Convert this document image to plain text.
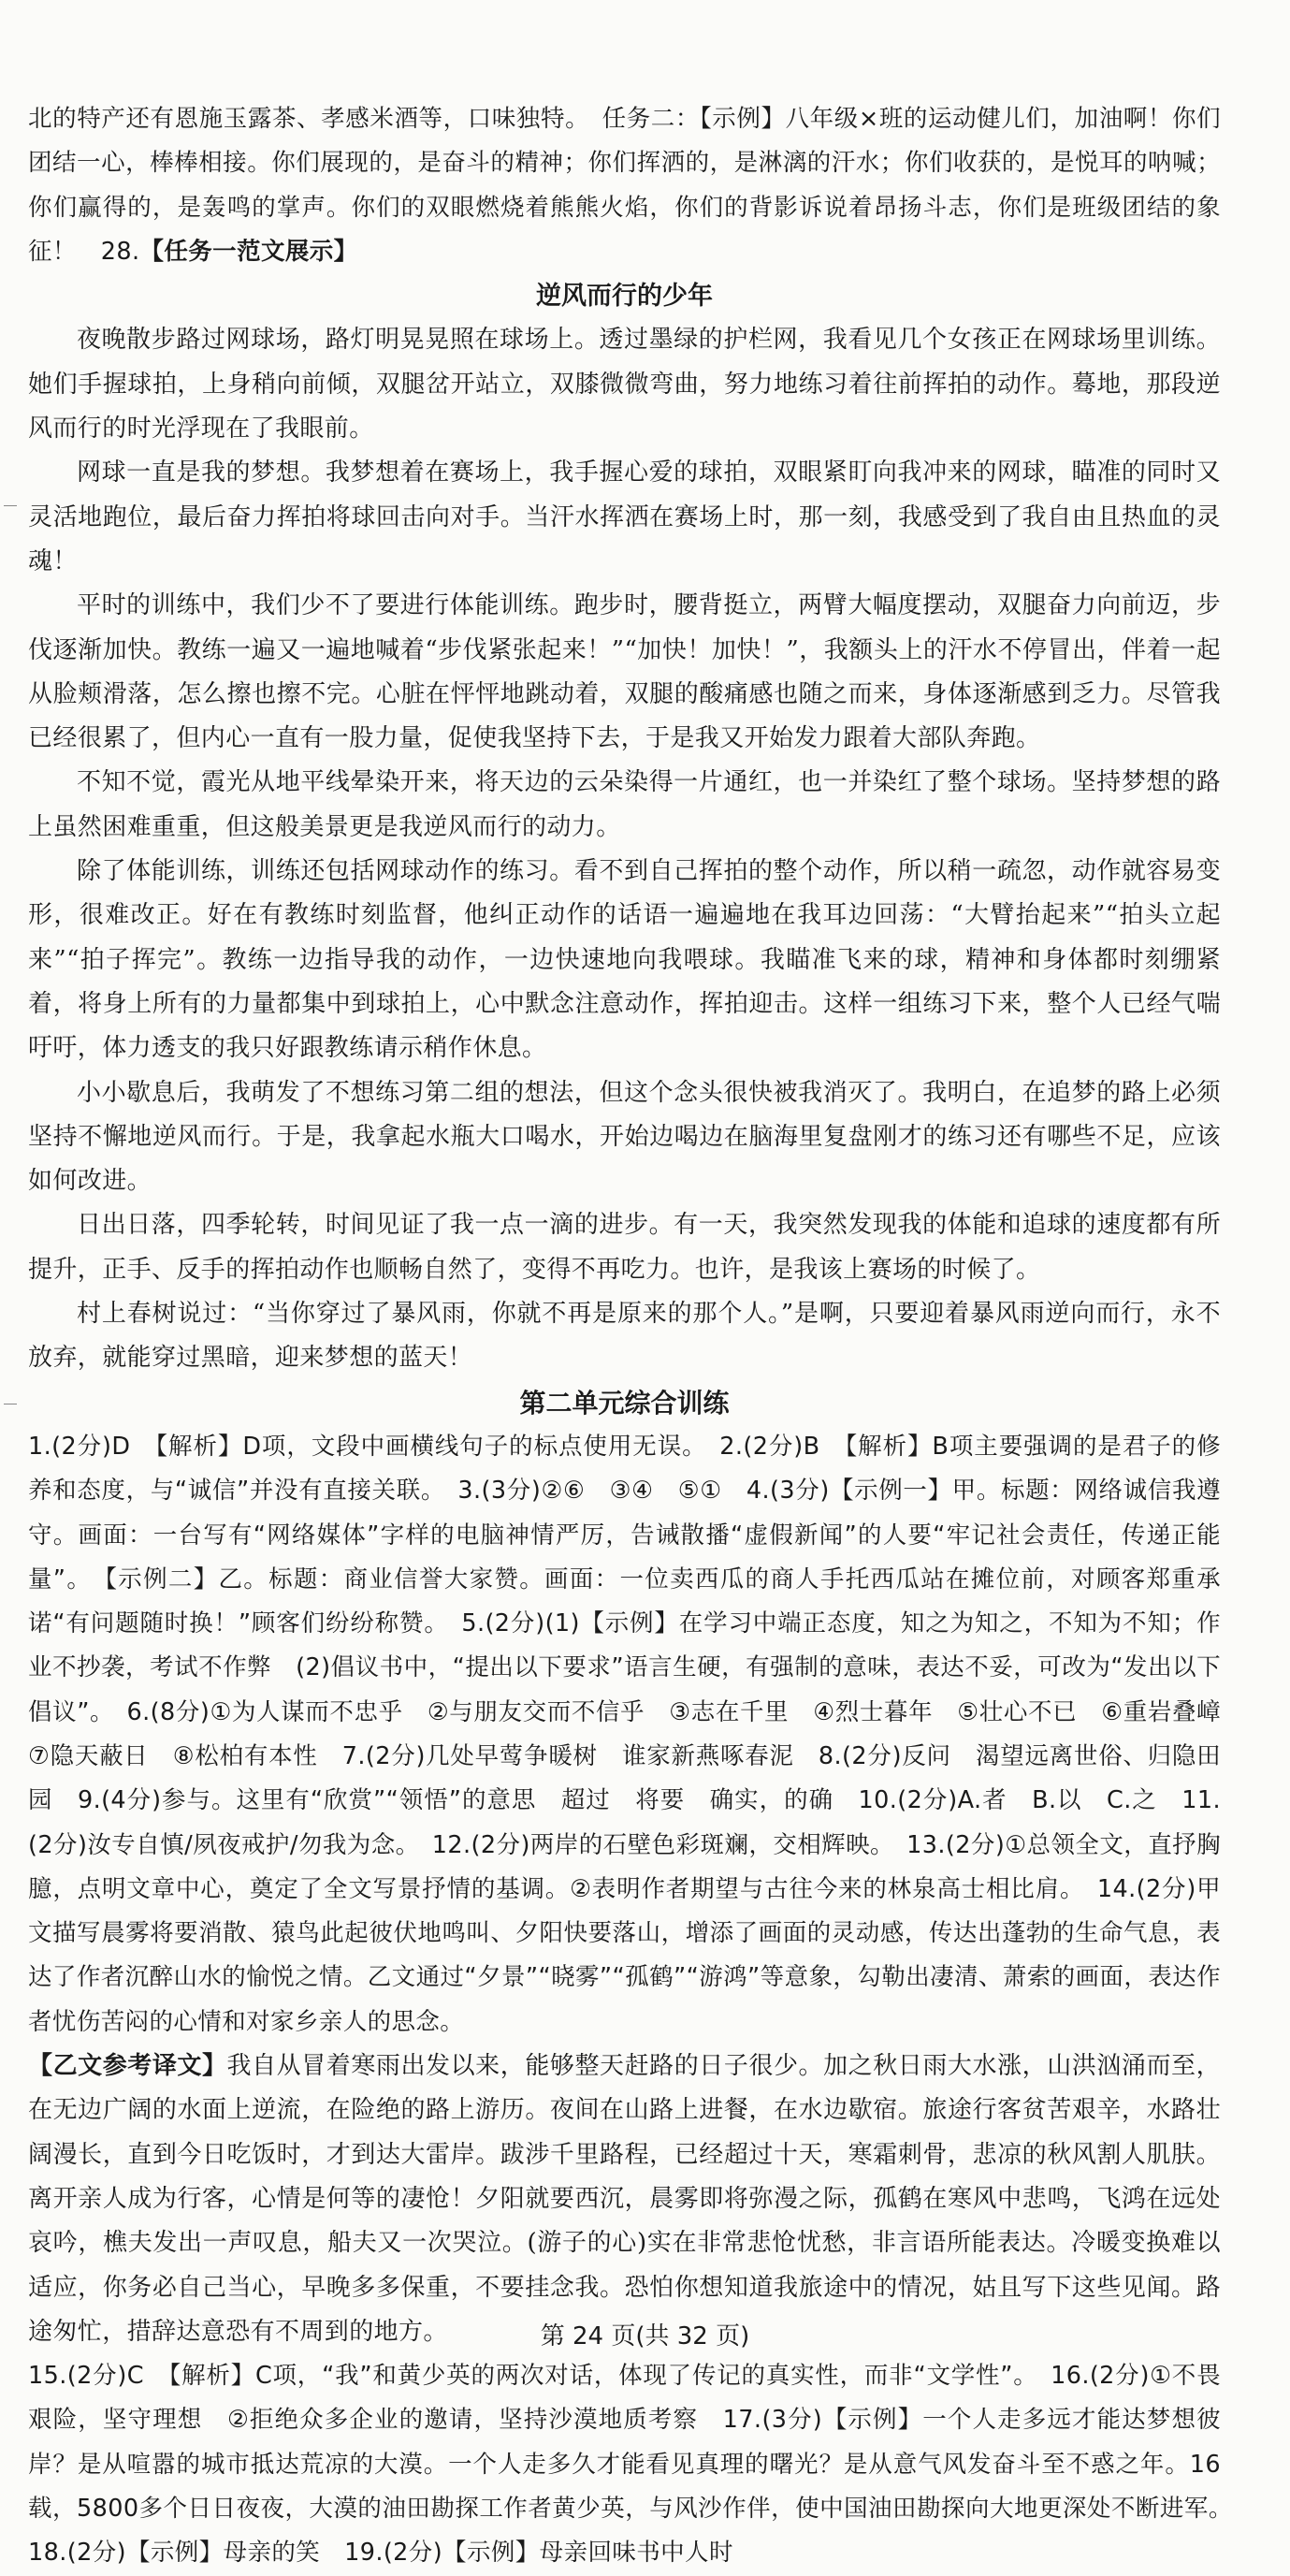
北的特产还有恩施玉露茶、孝感米酒等，口味独特。　任务二：【示例】八年级×班的运动健儿们，加油啊！你们团结一心，棒棒相接。你们展现的，是奋斗的精神；你们挥洒的，是淋漓的汗水；你们收获的，是悦耳的呐喊；你们赢得的，是轰鸣的掌声。你们的双眼燃烧着熊熊火焰，你们的背影诉说着昂扬斗志，你们是班级团结的象征！　28.【任务一范文展示】

逆风而行的少年

夜晚散步路过网球场，路灯明晃晃照在球场上。透过墨绿的护栏网，我看见几个女孩正在网球场里训练。她们手握球拍，上身稍向前倾，双腿岔开站立，双膝微微弯曲，努力地练习着往前挥拍的动作。蓦地，那段逆风而行的时光浮现在了我眼前。

网球一直是我的梦想。我梦想着在赛场上，我手握心爱的球拍，双眼紧盯向我冲来的网球，瞄准的同时又灵活地跑位，最后奋力挥拍将球回击向对手。当汗水挥洒在赛场上时，那一刻，我感受到了我自由且热血的灵魂！

平时的训练中，我们少不了要进行体能训练。跑步时，腰背挺立，两臂大幅度摆动，双腿奋力向前迈，步伐逐渐加快。教练一遍又一遍地喊着“步伐紧张起来！”“加快！加快！”，我额头上的汗水不停冒出，伴着一起从脸颊滑落，怎么擦也擦不完。心脏在怦怦地跳动着，双腿的酸痛感也随之而来，身体逐渐感到乏力。尽管我已经很累了，但内心一直有一股力量，促使我坚持下去，于是我又开始发力跟着大部队奔跑。

不知不觉，霞光从地平线晕染开来，将天边的云朵染得一片通红，也一并染红了整个球场。坚持梦想的路上虽然困难重重，但这般美景更是我逆风而行的动力。

除了体能训练，训练还包括网球动作的练习。看不到自己挥拍的整个动作，所以稍一疏忽，动作就容易变形，很难改正。好在有教练时刻监督，他纠正动作的话语一遍遍地在我耳边回荡：“大臂抬起来”“拍头立起来”“拍子挥完”。教练一边指导我的动作，一边快速地向我喂球。我瞄准飞来的球，精神和身体都时刻绷紧着，将身上所有的力量都集中到球拍上，心中默念注意动作，挥拍迎击。这样一组练习下来，整个人已经气喘吁吁，体力透支的我只好跟教练请示稍作休息。

小小歇息后，我萌发了不想练习第二组的想法，但这个念头很快被我消灭了。我明白，在追梦的路上必须坚持不懈地逆风而行。于是，我拿起水瓶大口喝水，开始边喝边在脑海里复盘刚才的练习还有哪些不足，应该如何改进。

日出日落，四季轮转，时间见证了我一点一滴的进步。有一天，我突然发现我的体能和追球的速度都有所提升，正手、反手的挥拍动作也顺畅自然了，变得不再吃力。也许，是我该上赛场的时候了。

村上春树说过：“当你穿过了暴风雨，你就不再是原来的那个人。”是啊，只要迎着暴风雨逆向而行，永不放弃，就能穿过黑暗，迎来梦想的蓝天！

第二单元综合训练

1.(2分)D　【解析】D项，文段中画横线句子的标点使用无误。　2.(2分)B　【解析】B项主要强调的是君子的修养和态度，与“诚信”并没有直接关联。　3.(3分)②⑥　③④　⑤①　4.(3分)【示例一】甲。标题：网络诚信我遵守。画面：一台写有“网络媒体”字样的电脑神情严厉，告诫散播“虚假新闻”的人要“牢记社会责任，传递正能量”。　【示例二】乙。标题：商业信誉大家赞。画面：一位卖西瓜的商人手托西瓜站在摊位前，对顾客郑重承诺“有问题随时换！”顾客们纷纷称赞。　5.(2分)(1)【示例】在学习中端正态度，知之为知之，不知为不知；作业不抄袭，考试不作弊　(2)倡议书中，“提出以下要求”语言生硬，有强制的意味，表达不妥，可改为“发出以下倡议”。　6.(8分)①为人谋而不忠乎　②与朋友交而不信乎　③志在千里　④烈士暮年　⑤壮心不已　⑥重岩叠嶂　⑦隐天蔽日　⑧松柏有本性　7.(2分)几处早莺争暖树　谁家新燕啄春泥　8.(2分)反问　渴望远离世俗、归隐田园　9.(4分)参与。这里有“欣赏”“领悟”的意思　超过　将要　确实，的确　10.(2分)A.者　B.以　C.之　11.(2分)汝专自慎/夙夜戒护/勿我为念。　12.(2分)两岸的石壁色彩斑斓，交相辉映。　13.(2分)①总领全文，直抒胸臆，点明文章中心，奠定了全文写景抒情的基调。②表明作者期望与古往今来的林泉高士相比肩。　14.(2分)甲文描写晨雾将要消散、猿鸟此起彼伏地鸣叫、夕阳快要落山，增添了画面的灵动感，传达出蓬勃的生命气息，表达了作者沉醉山水的愉悦之情。乙文通过“夕景”“晓雾”“孤鹤”“游鸿”等意象，勾勒出凄清、萧索的画面，表达作者忧伤苦闷的心情和对家乡亲人的思念。

【乙文参考译文】我自从冒着寒雨出发以来，能够整天赶路的日子很少。加之秋日雨大水涨，山洪汹涌而至，在无边广阔的水面上逆流，在险绝的路上游历。夜间在山路上进餐，在水边歇宿。旅途行客贫苦艰辛，水路壮阔漫长，直到今日吃饭时，才到达大雷岸。跋涉千里路程，已经超过十天，寒霜刺骨，悲凉的秋风割人肌肤。离开亲人成为行客，心情是何等的凄怆！夕阳就要西沉，晨雾即将弥漫之际，孤鹤在寒风中悲鸣，飞鸿在远处哀吟，樵夫发出一声叹息，船夫又一次哭泣。(游子的心)实在非常悲怆忧愁，非言语所能表达。冷暖变换难以适应，你务必自己当心，早晚多多保重，不要挂念我。恐怕你想知道我旅途中的情况，姑且写下这些见闻。路途匆忙，措辞达意恐有不周到的地方。

15.(2分)C　【解析】C项，“我”和黄少英的两次对话，体现了传记的真实性，而非“文学性”。　16.(2分)①不畏艰险，坚守理想　②拒绝众多企业的邀请，坚持沙漠地质考察　17.(3分)【示例】一个人走多远才能达梦想彼岸？是从喧嚣的城市抵达荒凉的大漠。一个人走多久才能看见真理的曙光？是从意气风发奋斗至不惑之年。16载，5800多个日日夜夜，大漠的油田勘探工作者黄少英，与风沙作伴，使中国油田勘探向大地更深处不断进军。　18.(2分)【示例】母亲的笑　19.(2分)【示例】母亲回味书中人时

第 24 页(共 32 页)
